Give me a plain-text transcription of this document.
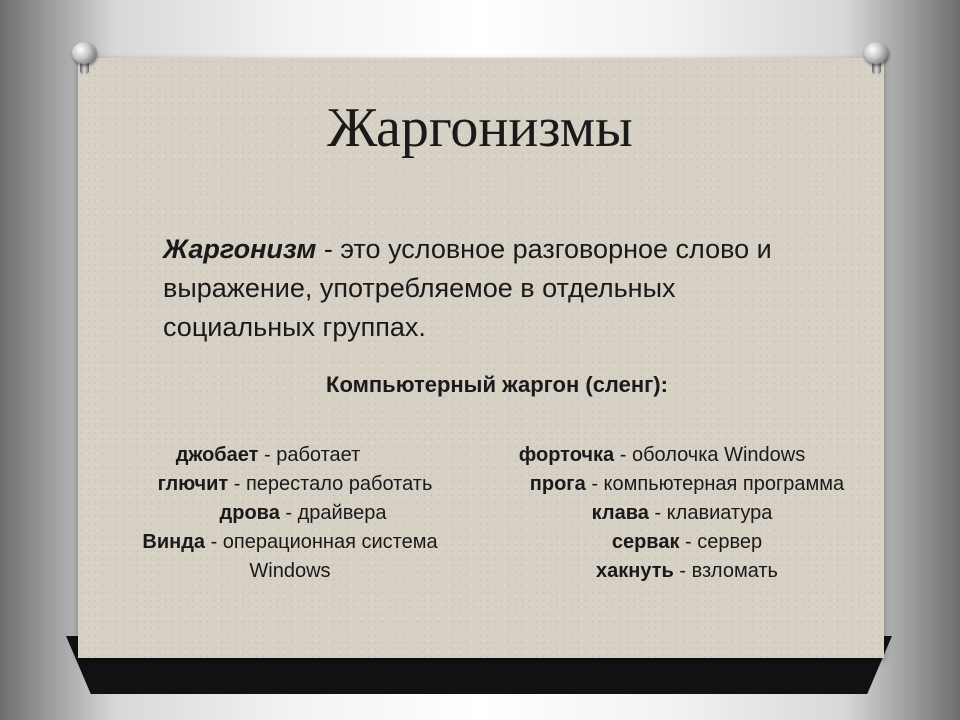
Жаргонизмы
Жаргонизм - это условное разговорное слово и выражение, употребляемое в отдельных социальных группах.
Компьютерный жаргон (сленг):
джобает - работает
глючит - перестало работать
дрова - драйвера
Винда - операционная система Windows
форточка - оболочка Windows
прога - компьютерная программа
клава - клавиатура
сервак - сервер
хакнуть - взломать
